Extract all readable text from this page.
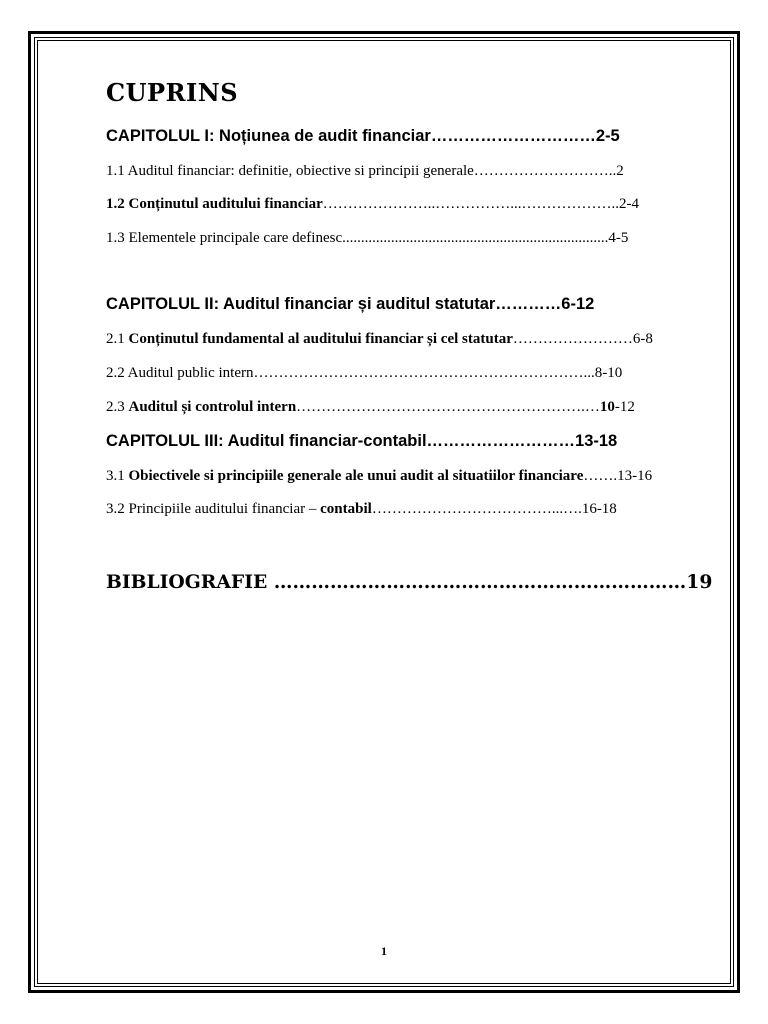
CUPRINS
CAPITOLUL I: Noțiunea de audit financiar…………………………2-5
1.1 Auditul financiar: definitie, obiective si principii generale………………………..2
1.2 Conținutul auditului financiar…………………..……………...………………..2-4
1.3 Elementele principale care definesc.......................................................................4-5
CAPITOLUL II: Auditul financiar și auditul statutar…………6-12
2.1 Conținutul fundamental al auditului financiar și cel statutar……………………6-8
2.2 Auditul public intern…………………………………………………………...8-10
2.3 Auditul și controlul intern………………………………………………….…10-12
CAPITOLUL III: Auditul financiar-contabil………………………13-18
3.1 Obiectivele si principiile generale ale unui audit al situatiilor financiare…….13-16
3.2 Principiile auditului financiar – contabil………………………………...….16-18
BIBLIOGRAFIE …………………………………………………………19
1
